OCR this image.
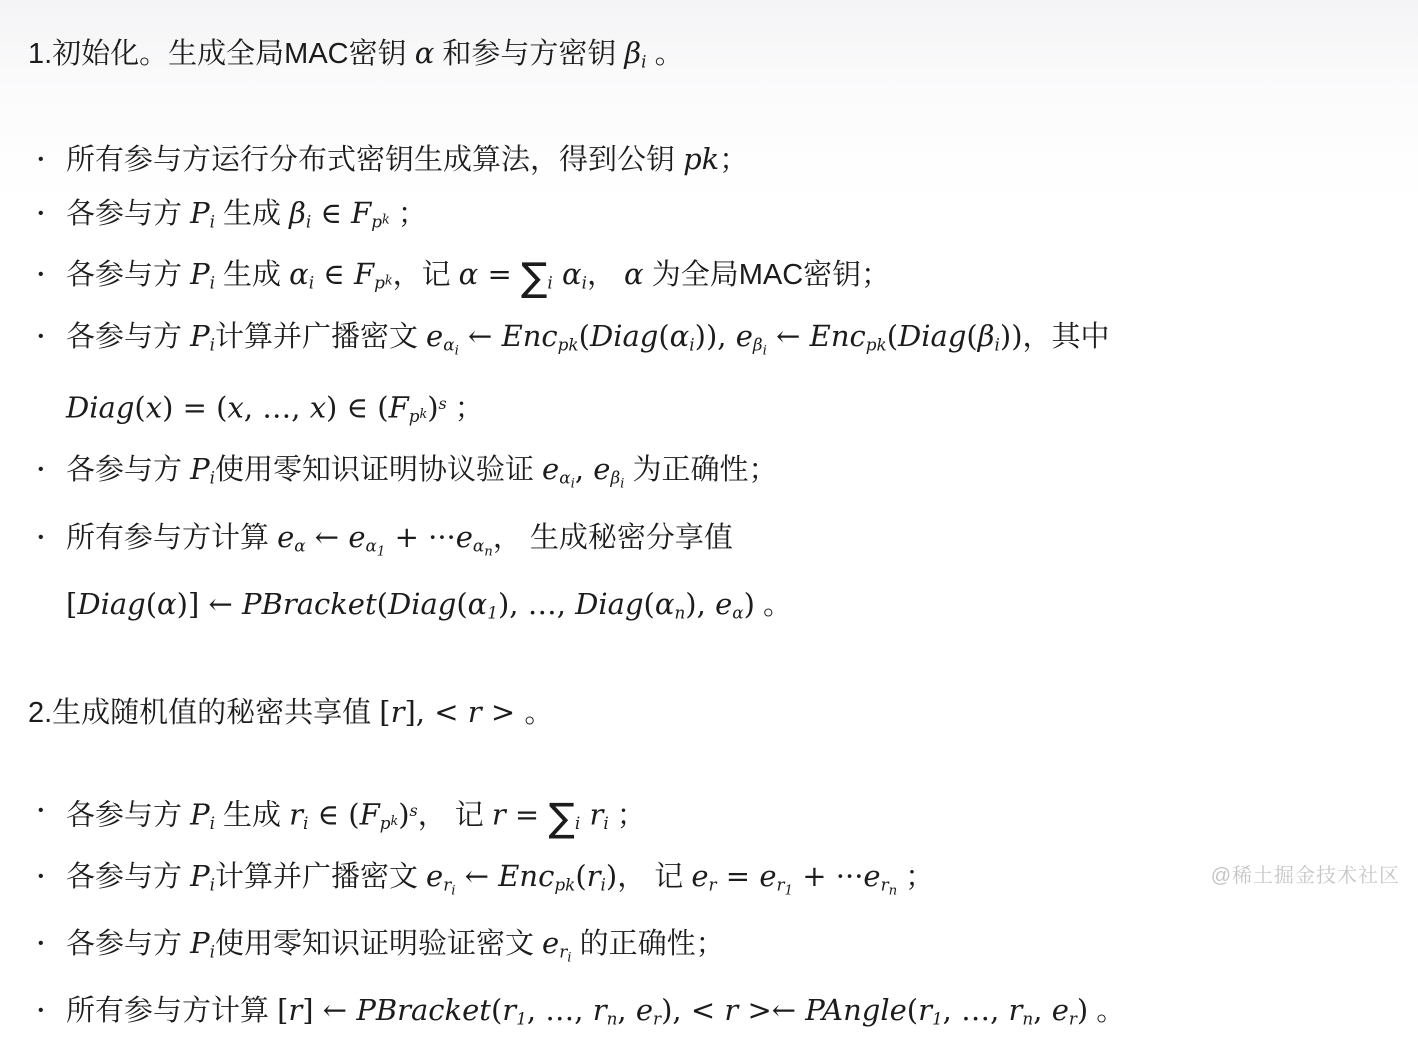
1.初始化。生成全局MAC密钥 α 和参与方密钥 βi 。
• 所有参与方运行分布式密钥生成算法，得到公钥 pk；
• 各参与方 Pi 生成 βi ∈ Fpk ；
• 各参与方 Pi 生成 αi ∈ Fpk，记 α = ∑i αi， α 为全局MAC密钥；
• 各参与方 Pi计算并广播密文 $e\alpha_i$ ← Encpk(Diag(αi)), $e\beta_i$ ← Encpk(Diag(βi))，其中
Diag(x) = (x, …, x) ∈ (Fpk)$^s$ ；
• 各参与方 Pi使用零知识证明协议验证 $e\alpha_i$, $e\beta_i$ 为正确性；
• 所有参与方计算 eα ← $e\alpha_1 + \cdot\cdot\cdot e\alpha_n$， 生成秘密分享值
[Diag(α)] ← PBracket(Diag(α1), …, Diag(αn), eα) 。
2.生成随机值的秘密共享值 [r], < r > 。
• 各参与方 Pi 生成 ri ∈ (Fpk)$^s$， 记 r = ∑i ri ；
• 各参与方 Pi计算并广播密文 $er_i$ ← Encpk(ri)， 记 er = $er_1 + \cdot\cdot\cdot er_n$ ；
• 各参与方 Pi使用零知识证明验证密文 $er_i$ 的正确性；
• 所有参与方计算 [r] ← PBracket(r1, …, rn, er), < r >← PAngle(r1, …, rn, er) 。
@稀土掘金技术社区
